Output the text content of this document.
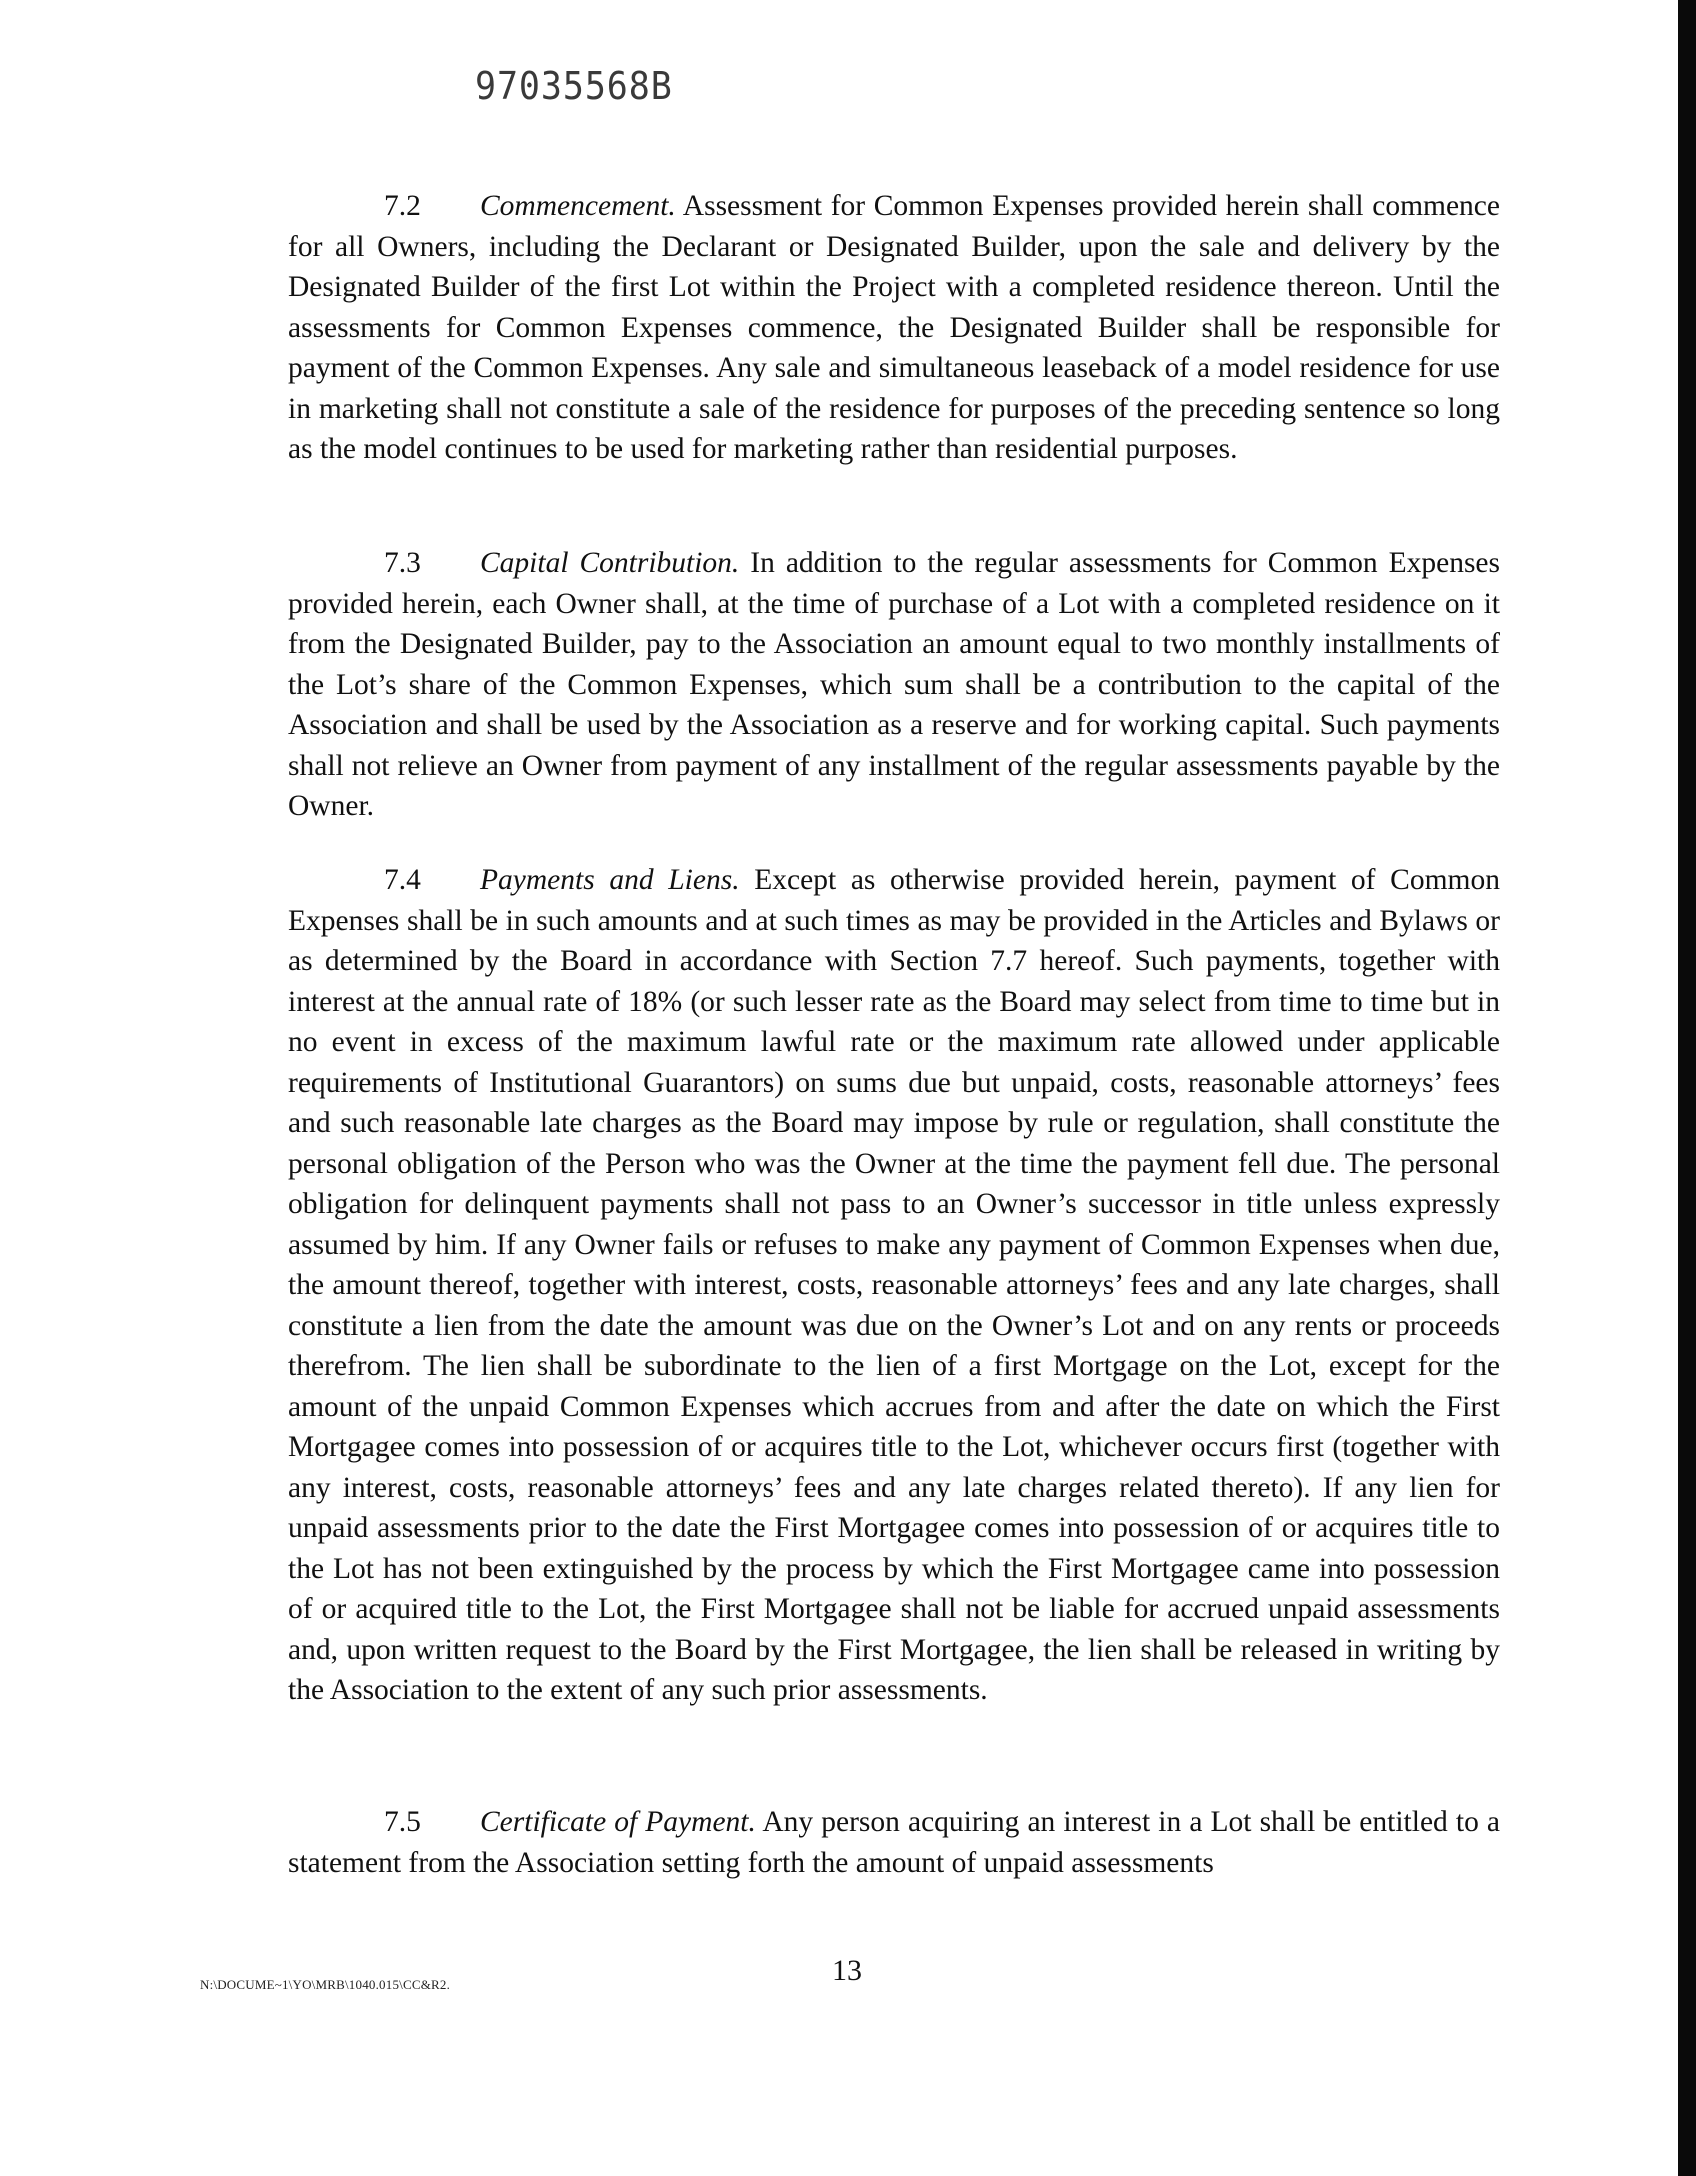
97035568B

7.2 Commencement. Assessment for Common Expenses provided herein shall commence for all Owners, including the Declarant or Designated Builder, upon the sale and delivery by the Designated Builder of the first Lot within the Project with a completed residence thereon. Until the assessments for Common Expenses commence, the Designated Builder shall be responsible for payment of the Common Expenses. Any sale and simultaneous leaseback of a model residence for use in marketing shall not constitute a sale of the residence for purposes of the preceding sentence so long as the model continues to be used for marketing rather than residential purposes.

7.3 Capital Contribution. In addition to the regular assessments for Common Expenses provided herein, each Owner shall, at the time of purchase of a Lot with a completed residence on it from the Designated Builder, pay to the Association an amount equal to two monthly installments of the Lot’s share of the Common Expenses, which sum shall be a contribution to the capital of the Association and shall be used by the Association as a reserve and for working capital. Such payments shall not relieve an Owner from payment of any installment of the regular assessments payable by the Owner.

7.4 Payments and Liens. Except as otherwise provided herein, payment of Common Expenses shall be in such amounts and at such times as may be provided in the Articles and Bylaws or as determined by the Board in accordance with Section 7.7 hereof. Such payments, together with interest at the annual rate of 18% (or such lesser rate as the Board may select from time to time but in no event in excess of the maximum lawful rate or the maximum rate allowed under applicable requirements of Institutional Guarantors) on sums due but unpaid, costs, reasonable attorneys’ fees and such reasonable late charges as the Board may impose by rule or regulation, shall constitute the personal obligation of the Person who was the Owner at the time the payment fell due. The personal obligation for delinquent payments shall not pass to an Owner’s successor in title unless expressly assumed by him. If any Owner fails or refuses to make any payment of Common Expenses when due, the amount thereof, together with interest, costs, reasonable attorneys’ fees and any late charges, shall constitute a lien from the date the amount was due on the Owner’s Lot and on any rents or proceeds therefrom. The lien shall be subordinate to the lien of a first Mortgage on the Lot, except for the amount of the unpaid Common Expenses which accrues from and after the date on which the First Mortgagee comes into possession of or acquires title to the Lot, whichever occurs first (together with any interest, costs, reasonable attorneys’ fees and any late charges related thereto). If any lien for unpaid assessments prior to the date the First Mortgagee comes into possession of or acquires title to the Lot has not been extinguished by the process by which the First Mortgagee came into possession of or acquired title to the Lot, the First Mortgagee shall not be liable for accrued unpaid assessments and, upon written request to the Board by the First Mortgagee, the lien shall be released in writing by the Association to the extent of any such prior assessments.

7.5 Certificate of Payment. Any person acquiring an interest in a Lot shall be entitled to a statement from the Association setting forth the amount of unpaid assessments

N:\DOCUME~1\YO\MRB\1040.015\CC&R2.	13
